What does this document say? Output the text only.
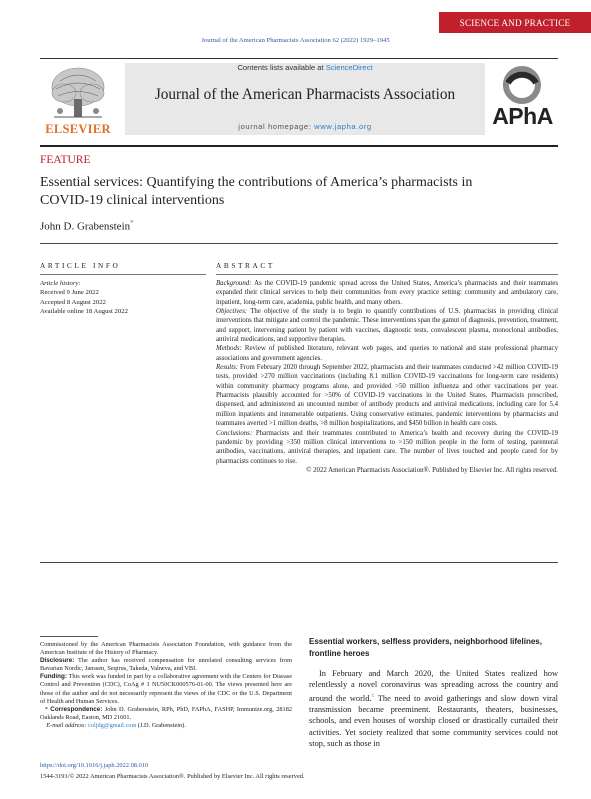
SCIENCE AND PRACTICE
Journal of the American Pharmacists Association 62 (2022) 1929–1945
ELSEVIER
Contents lists available at ScienceDirect
Journal of the American Pharmacists Association
journal homepage: www.japha.org	APhA
FEATURE
Essential services: Quantifying the contributions of America’s pharmacists in COVID-19 clinical interventions
John D. Grabenstein*
ARTICLE INFO	ABSTRACT
Article history:
Received 9 June 2022
Accepted 8 August 2022
Available online 18 August 2022

Background: As the COVID-19 pandemic spread across the United States, America’s pharmacists and their teammates expanded their clinical services to help their communities from every practice setting: community and ambulatory care, inpatient, long-term care, academia, public health, and many others.

Objectives: The objective of the study is to begin to quantify contributions of U.S. pharmacists in providing clinical interventions that mitigate and control the pandemic. These interventions span the gamut of diagnosis, prevention, treatment, and support, intervening patient by patient with vaccines, diagnostic tests, convalescent plasma, monoclonal antibodies, antiviral medications, and supportive therapies.

Methods: Review of published literature, relevant web pages, and queries to national and state professional pharmacy associations and government agencies.

Results: From February 2020 through September 2022, pharmacists and their teammates conducted >42 million COVID-19 tests, provided >270 million vaccinations (including 8.1 million COVID-19 vaccinations for long-term care residents) within community pharmacy programs alone, and provided >50 million influenza and other vaccinations per year. Pharmacists plausibly accounted for >50% of COVID-19 vaccinations in the United States. Pharmacists prescribed, dispensed, and administered an uncounted number of antibody products and antiviral medications, including care for 5.4 million inpatients and innumerable outpatients. Using conservative estimates, pandemic interventions by pharmacists and teammates averted >1 million deaths, >8 million hospitalizations, and $450 billion in health care costs.

Conclusions: Pharmacists and their teammates contributed to America’s health and recovery during the COVID-19 pandemic by providing >350 million clinical interventions to >150 million people in the form of testing, parenteral antibodies, vaccinations, antiviral therapies, and inpatient care. The number of lives touched and people cared for by pharmacists continues to rise.

© 2022 American Pharmacists Association®. Published by Elsevier Inc. All rights reserved.

Commissioned by the American Pharmacists Association Foundation, with guidance from the American Institute of the History of Pharmacy.

Disclosure: The author has received compensation for unrelated consulting services from Bavarian Nordic, Janssen, Seqirus, Takeda, Valneva, and VBI.

Funding: This work was funded in part by a collaborative agreement with the Centers for Disease Control and Prevention (CDC), CoAg # 1 NU50CK000576-01-00. The views presented here are those of the author and do not necessarily represent the views of the CDC or the U.S. Department of Health and Human Services.

* Correspondence: John D. Grabenstein, RPh, PhD, FAPhA, FASHP, Immunize.org, 28182 Oaklands Road, Easton, MD 21601.

E-mail address: coljdg@gmail.com (J.D. Grabenstein).

Essential workers, selfless providers, neighborhood lifelines, frontline heroes

In February and March 2020, the United States realized how relentlessly a novel coronavirus was spreading across the country and around the world.$^1$ The need to avoid gatherings and slow down viral transmission became preeminent. Restaurants, theaters, businesses, schools, and even houses of worship closed or drastically curtailed their activities. Yet society realized that some community services could not stop, such as those in

https://doi.org/10.1016/j.japh.2022.08.010
1544-3191/© 2022 American Pharmacists Association®. Published by Elsevier Inc. All rights reserved.
